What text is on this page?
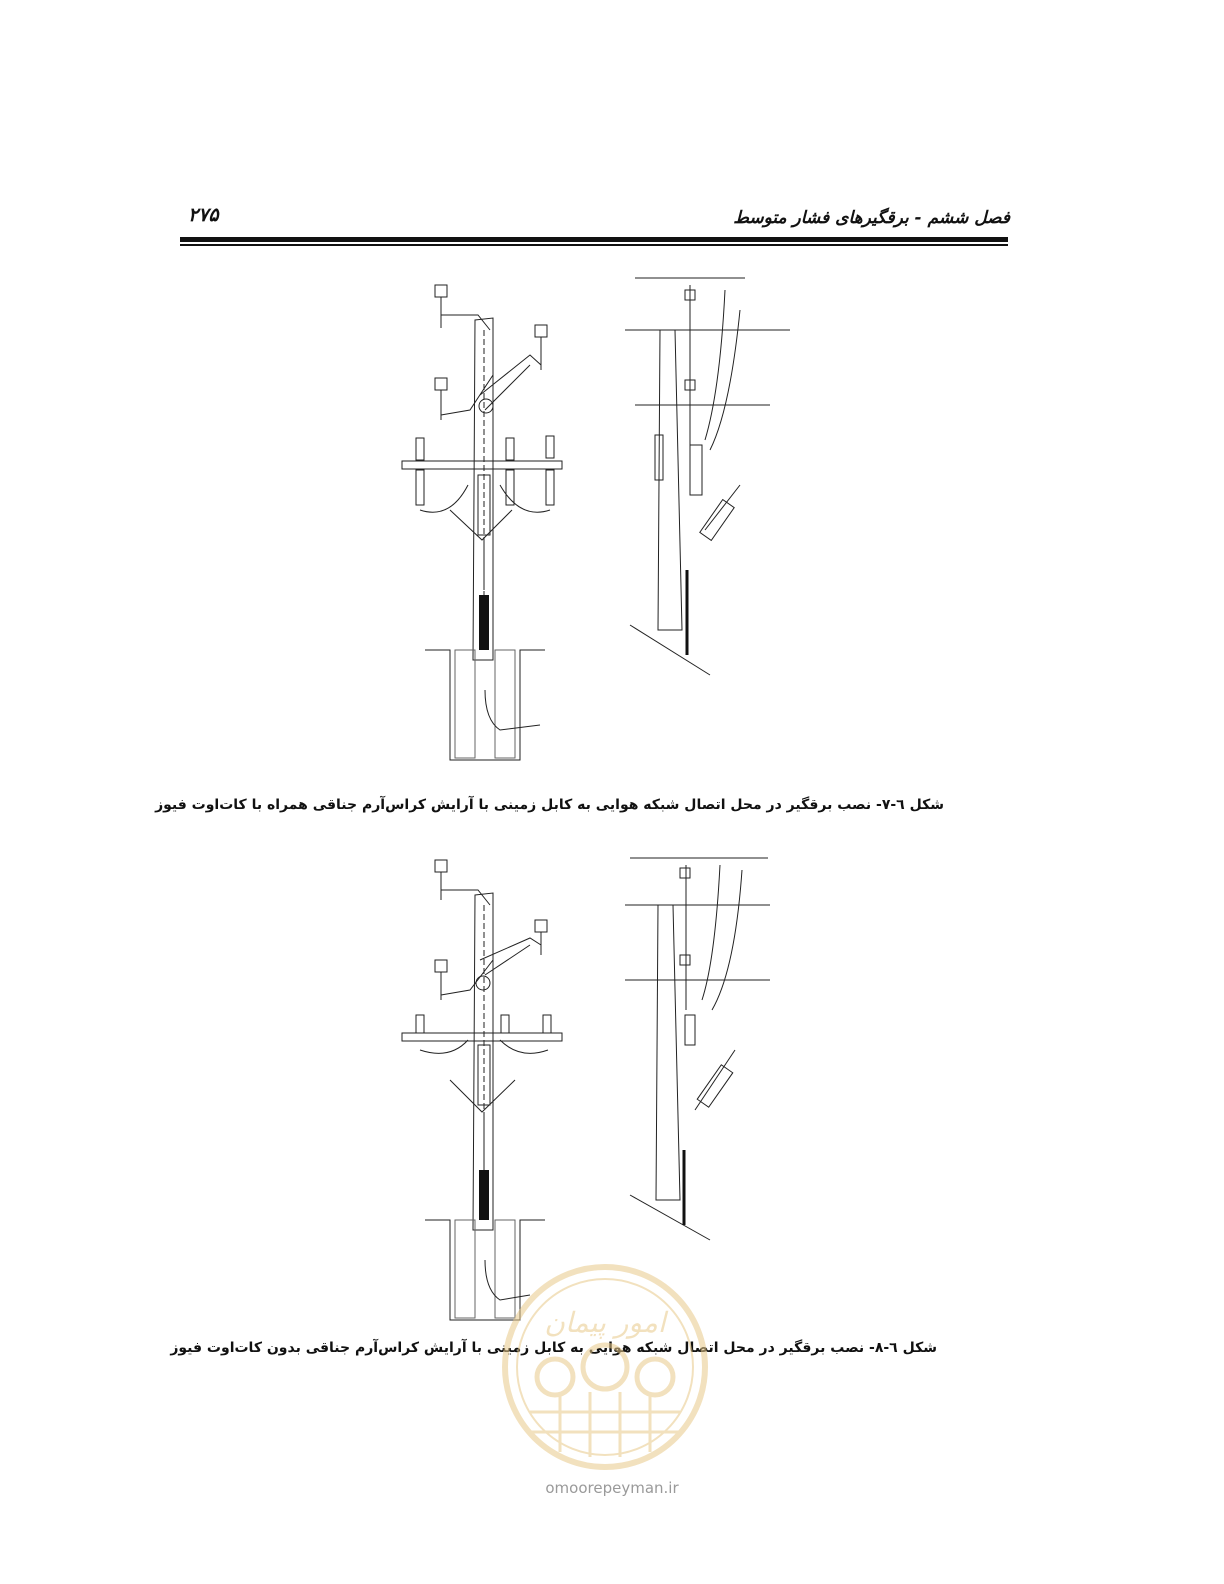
۲۷۵	فصل ششم - برقگیرهای فشار متوسط
شکل ٦-٧- نصب برقگیر در محل اتصال شبکه هوایی به کابل زمینی با آرایش کراس‌آرم جناقی همراه با کات‌اوت فیوز
شکل ٦-٨- نصب برقگیر در محل اتصال شبکه هوایی به کابل زمینی با آرایش کراس‌آرم جناقی بدون کات‌اوت فیوز
امور پیمان
omoorepeyman.ir
